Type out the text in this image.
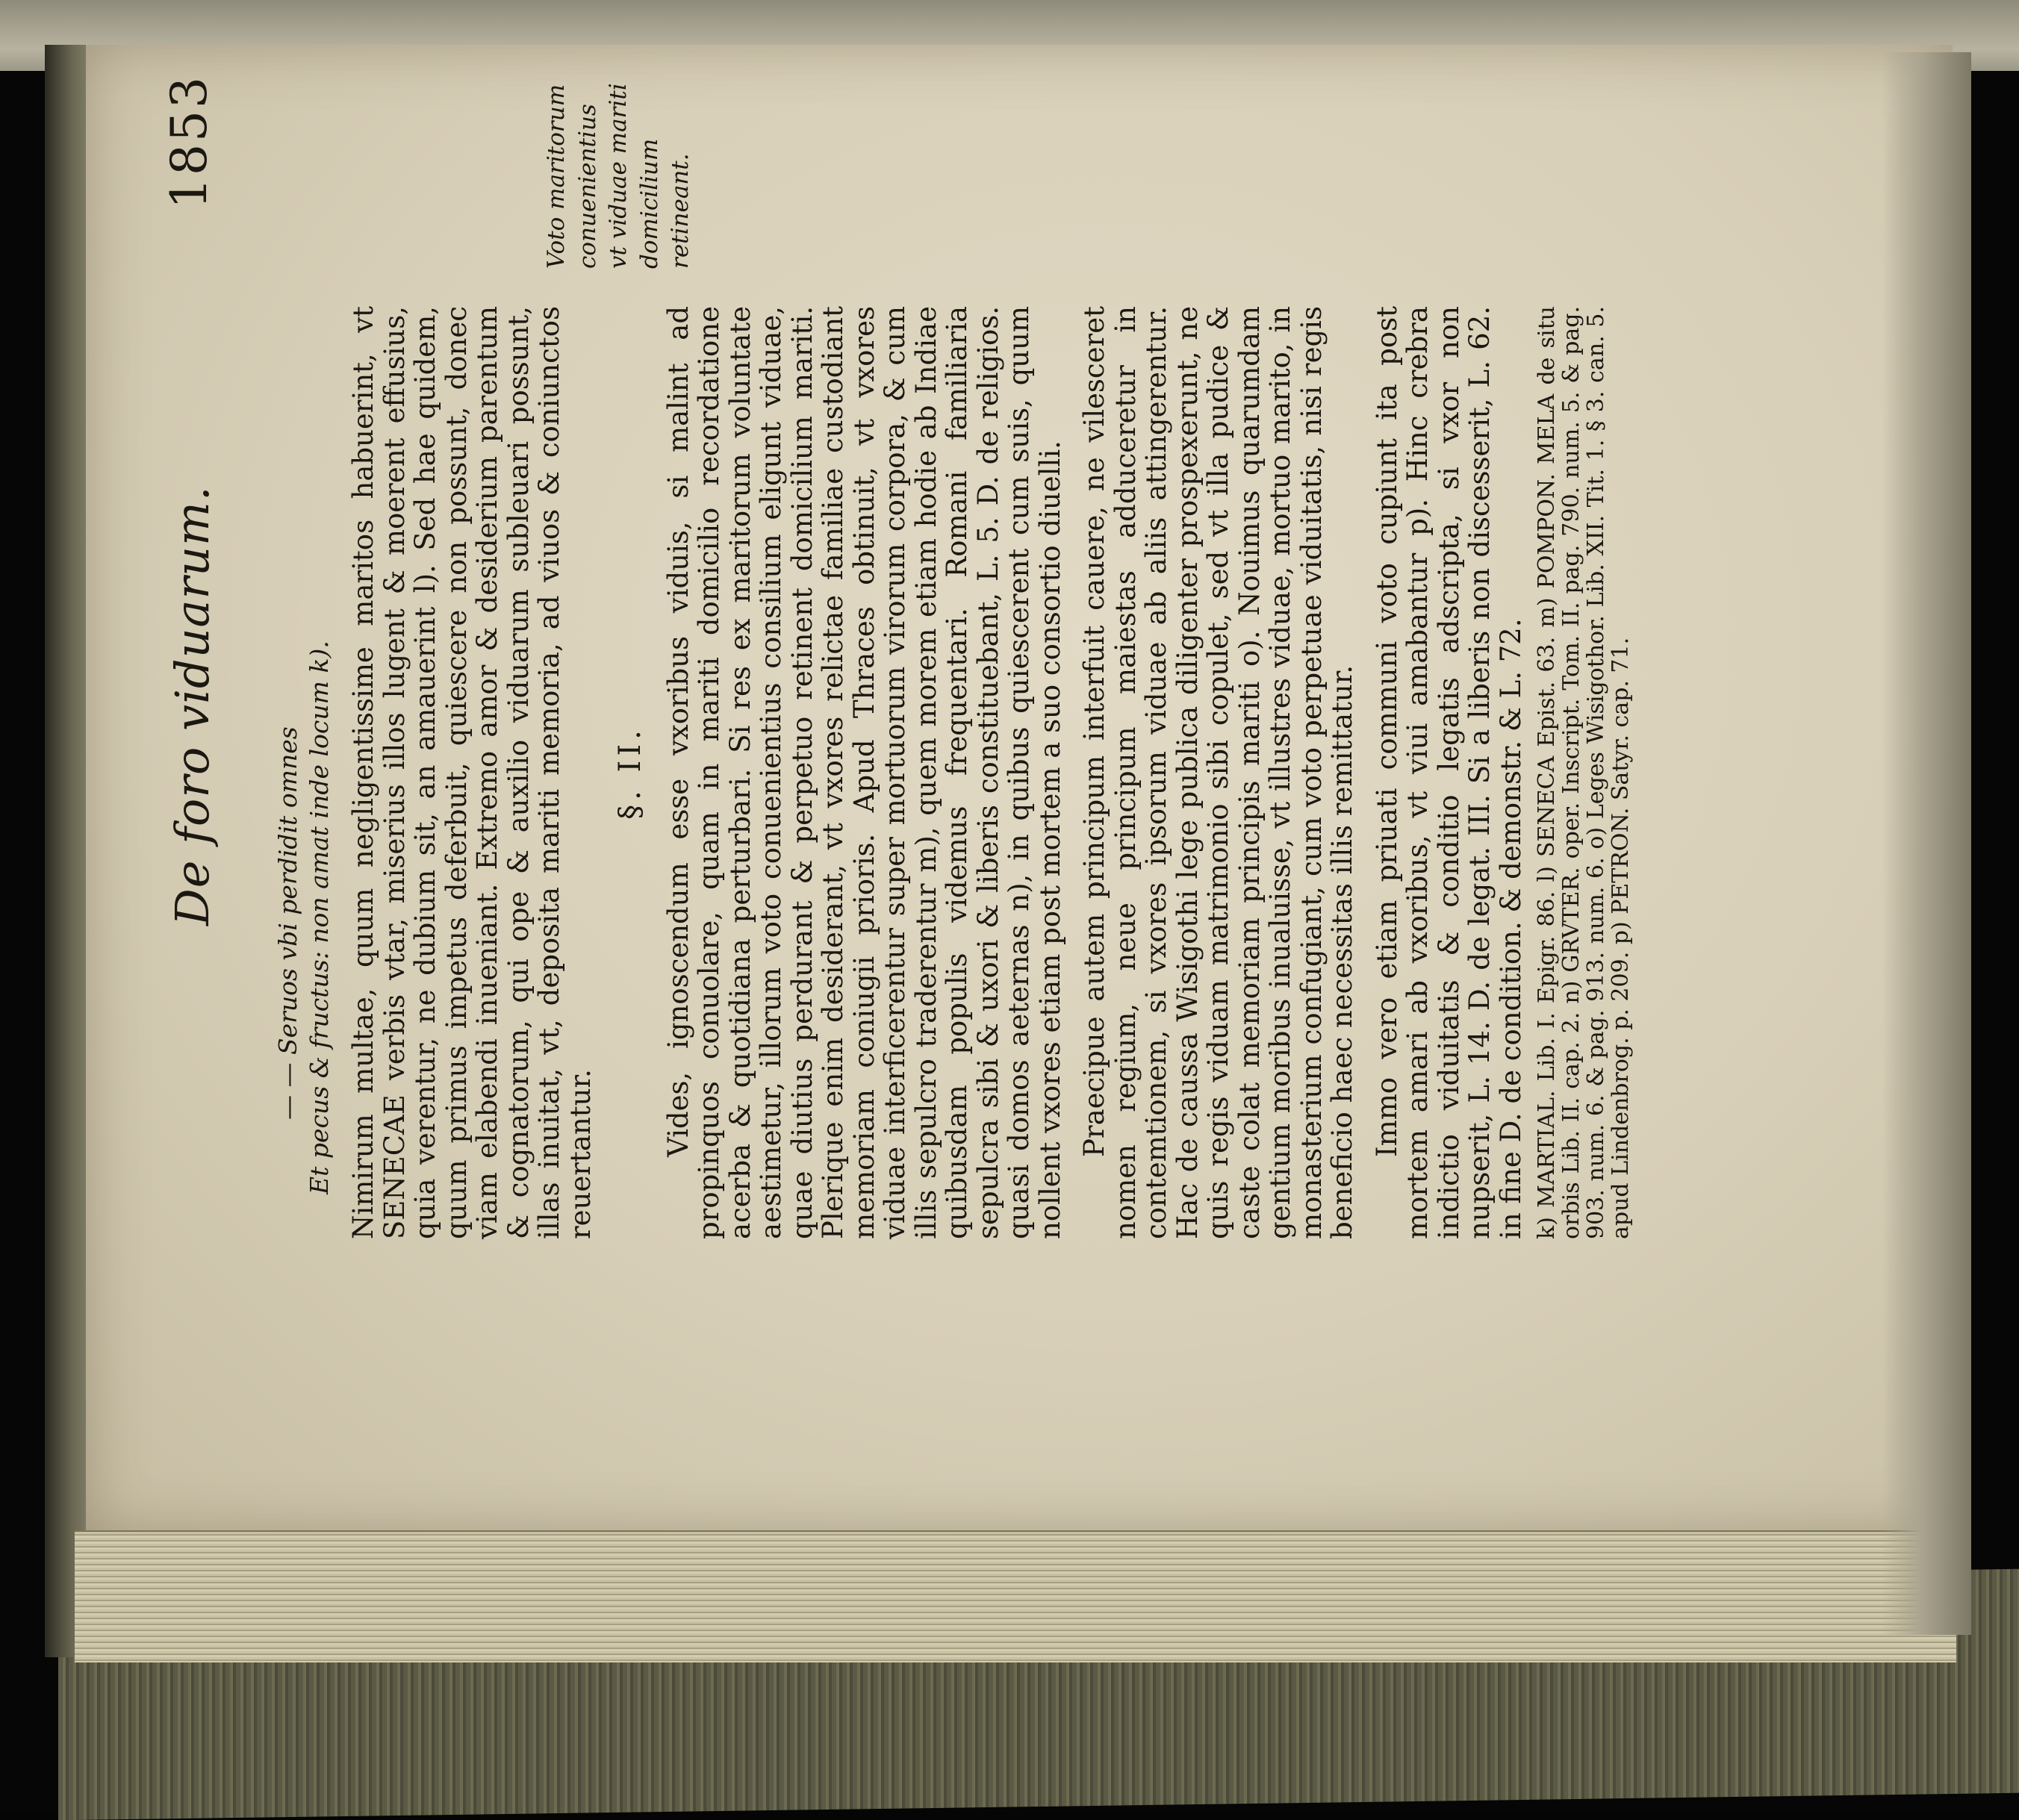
De foro viduarum.
1853

— — Seruos vbi perdidit omnes Et pecus & fructus: non amat inde locum k). Nimirum multae, quum negligentissime maritos habuerint, vt SENECAE verbis vtar, miserius illos lugent & moerent effusius, quia verentur, ne dubium sit, an amauerint l). Sed hae quidem, quum primus impetus deferbuit, quiescere non possunt, donec viam elabendi inueniant. Extremo amor & desiderium parentum & cognatorum, qui ope & auxilio viduarum subleuari possunt, illas inuitat, vt, deposita mariti memoria, ad viuos & coniunctos reuertantur.

§. II. Vides, ignoscendum esse vxoribus viduis, si malint ad propinquos conuolare, quam in mariti domicilio recordatione acerba & quotidiana perturbari. Si res ex maritorum voluntate aestimetur, illorum voto conuenientius consilium eligunt viduae, quae diutius perdurant & perpetuo retinent domicilium mariti. Plerique enim desiderant, vt vxores relictae familiae custodiant memoriam coniugii prioris. Apud Thraces obtinuit, vt vxores viduae interficerentur super mortuorum virorum corpora, & cum illis sepulcro traderentur m), quem morem etiam hodie ab Indiae quibusdam populis videmus frequentari. Romani familiaria sepulcra sibi & uxori & liberis constituebant, L. 5. D. de religios. quasi domos aeternas n), in quibus quiescerent cum suis, quum nollent vxores etiam post mortem a suo consortio diuelli. Praecipue autem principum interfuit cauere, ne vilesceret nomen regium, neue principum maiestas adduceretur in contemtionem, si vxores ipsorum viduae ab aliis attingerentur. Hac de caussa Wisigothi lege publica diligenter prospexerunt, ne quis regis viduam matrimonio sibi copulet, sed vt illa pudice & caste colat memoriam principis mariti o). Nouimus quarumdam gentium moribus inualuisse, vt illustres viduae, mortuo marito, in monasterium confugiant, cum voto perpetuae viduitatis, nisi regis beneficio haec necessitas illis remittatur. Immo vero etiam priuati communi voto cupiunt ita post mortem amari ab vxoribus, vt viui amabantur p). Hinc crebra indictio viduitatis & conditio legatis adscripta, si vxor non nupserit, L. 14. D. de legat. III. Si a liberis non discesserit, L. 62. in fine D. de condition. & demonstr. & L. 72.

Voto maritorum conuenientius vt viduae mariti domicilium retineant.

k) MARTIAL. Lib. I. Epigr. 86. l) SENECA Epist. 63. m) POMPON. MELA de situ orbis Lib. II. cap. 2. n) GRVTER. oper. Inscript. Tom. II. pag. 790. num. 5. & pag. 903. num. 6. & pag. 913. num. 6. o) Leges Wisigothor. Lib. XII. Tit. 1. § 3. can. 5. apud Lindenbrog. p. 209. p) PETRON. Satyr. cap. 71.
